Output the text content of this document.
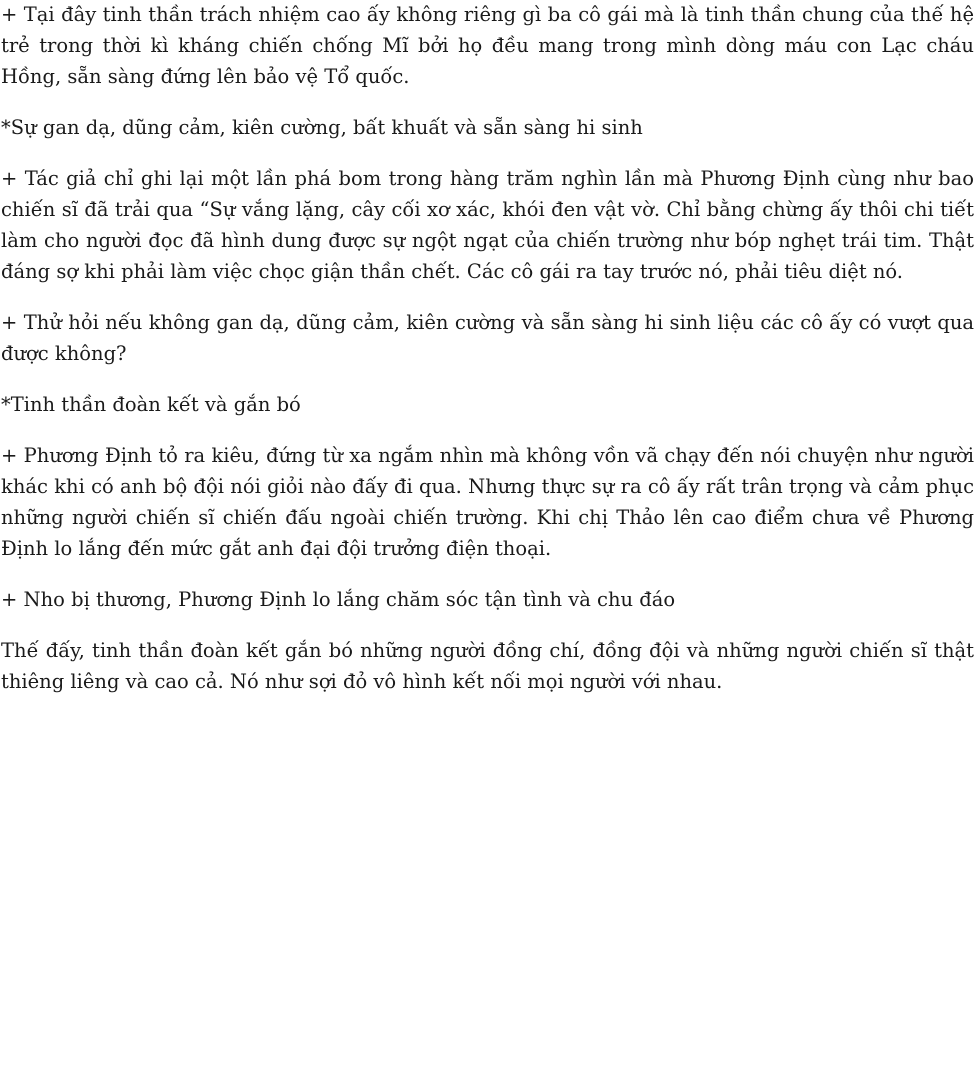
+ Tại đây tinh thần trách nhiệm cao ấy không riêng gì ba cô gái mà là tinh thần chung của thế hệ trẻ trong thời kì kháng chiến chống Mĩ bởi họ đều mang trong mình dòng máu con Lạc cháu Hồng, sẵn sàng đứng lên bảo vệ Tổ quốc.

*Sự gan dạ, dũng cảm, kiên cường, bất khuất và sẵn sàng hi sinh

+ Tác giả chỉ ghi lại một lần phá bom trong hàng trăm nghìn lần mà Phương Định cùng như bao chiến sĩ đã trải qua “Sự vắng lặng, cây cối xơ xác, khói đen vật vờ. Chỉ bằng chừng ấy thôi chi tiết làm cho người đọc đã hình dung được sự ngột ngạt của chiến trường như bóp nghẹt trái tim. Thật đáng sợ khi phải làm việc chọc giận thần chết. Các cô gái ra tay trước nó, phải tiêu diệt nó.

+ Thử hỏi nếu không gan dạ, dũng cảm, kiên cường và sẵn sàng hi sinh liệu các cô ấy có vượt qua được không?

*Tinh thần đoàn kết và gắn bó

+ Phương Định tỏ ra kiêu, đứng từ xa ngắm nhìn mà không vồn vã chạy đến nói chuyện như người khác khi có anh bộ đội nói giỏi nào đấy đi qua. Nhưng thực sự ra cô ấy rất trân trọng và cảm phục những người chiến sĩ chiến đấu ngoài chiến trường. Khi chị Thảo lên cao điểm chưa về Phương Định lo lắng đến mức gắt anh đại đội trưởng điện thoại.

+ Nho bị thương, Phương Định lo lắng chăm sóc tận tình và chu đáo

Thế đấy, tinh thần đoàn kết gắn bó những người đồng chí, đồng đội và những người chiến sĩ thật thiêng liêng và cao cả. Nó như sợi đỏ vô hình kết nối mọi người với nhau.
